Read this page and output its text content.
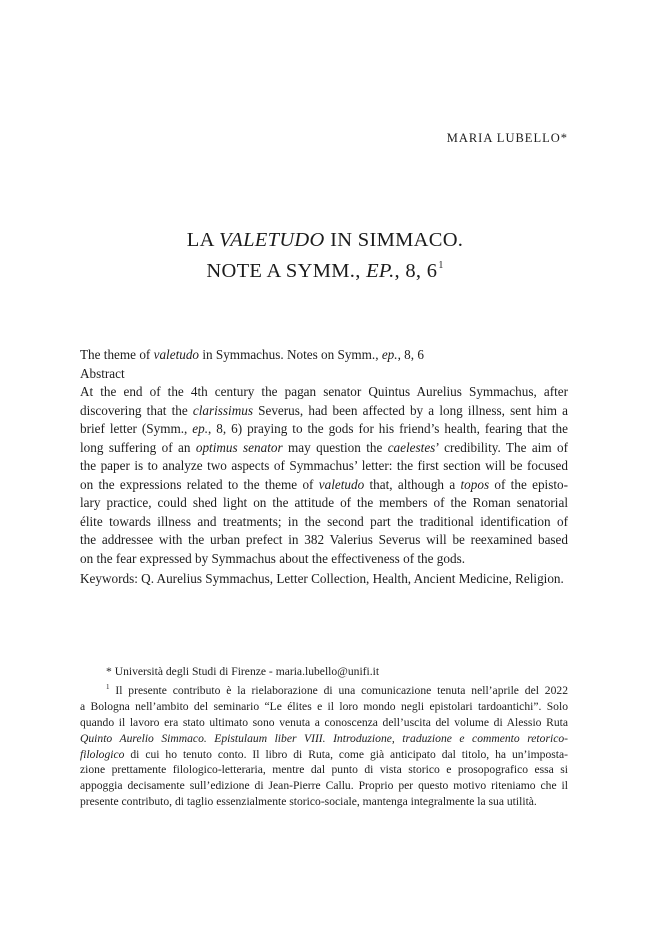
MARIA LUBELLO*
LA VALETUDO IN SIMMACO.
NOTE A SYMM., EP., 8, $6^1$
The theme of valetudo in Symmachus. Notes on Symm., ep., 8, 6
Abstract
At the end of the 4th century the pagan senator Quintus Aurelius Symmachus, after
discovering that the clarissimus Severus, had been affected by a long illness, sent him a
brief letter (Symm., ep., 8, 6) praying to the gods for his friend’s health, fearing that the
long suffering of an optimus senator may question the caelestes’ credibility. The aim of
the paper is to analyze two aspects of Symmachus’ letter: the first section will be focused
on the expressions related to the theme of valetudo that, although a topos of the episto-
lary practice, could shed light on the attitude of the members of the Roman senatorial
élite towards illness and treatments; in the second part the traditional identification of
the addressee with the urban prefect in 382 Valerius Severus will be reexamined based
on the fear expressed by Symmachus about the effectiveness of the gods.
Keywords: Q. Aurelius Symmachus, Letter Collection, Health, Ancient Medicine, Religion.
* Università degli Studi di Firenze - maria.lubello@unifi.it
$^1$ Il presente contributo è la rielaborazione di una comunicazione tenuta nell’aprile del 2022
a Bologna nell’ambito del seminario “Le élites e il loro mondo negli epistolari tardoantichi”. Solo
quando il lavoro era stato ultimato sono venuta a conoscenza dell’uscita del volume di Alessio Ruta
Quinto Aurelio Simmaco. Epistulaum liber VIII. Introduzione, traduzione e commento retorico-
filologico di cui ho tenuto conto. Il libro di Ruta, come già anticipato dal titolo, ha un’imposta-
zione prettamente filologico-letteraria, mentre dal punto di vista storico e prosopografico essa si
appoggia decisamente sull’edizione di Jean-Pierre Callu. Proprio per questo motivo riteniamo che il
presente contributo, di taglio essenzialmente storico-sociale, mantenga integralmente la sua utilità.
